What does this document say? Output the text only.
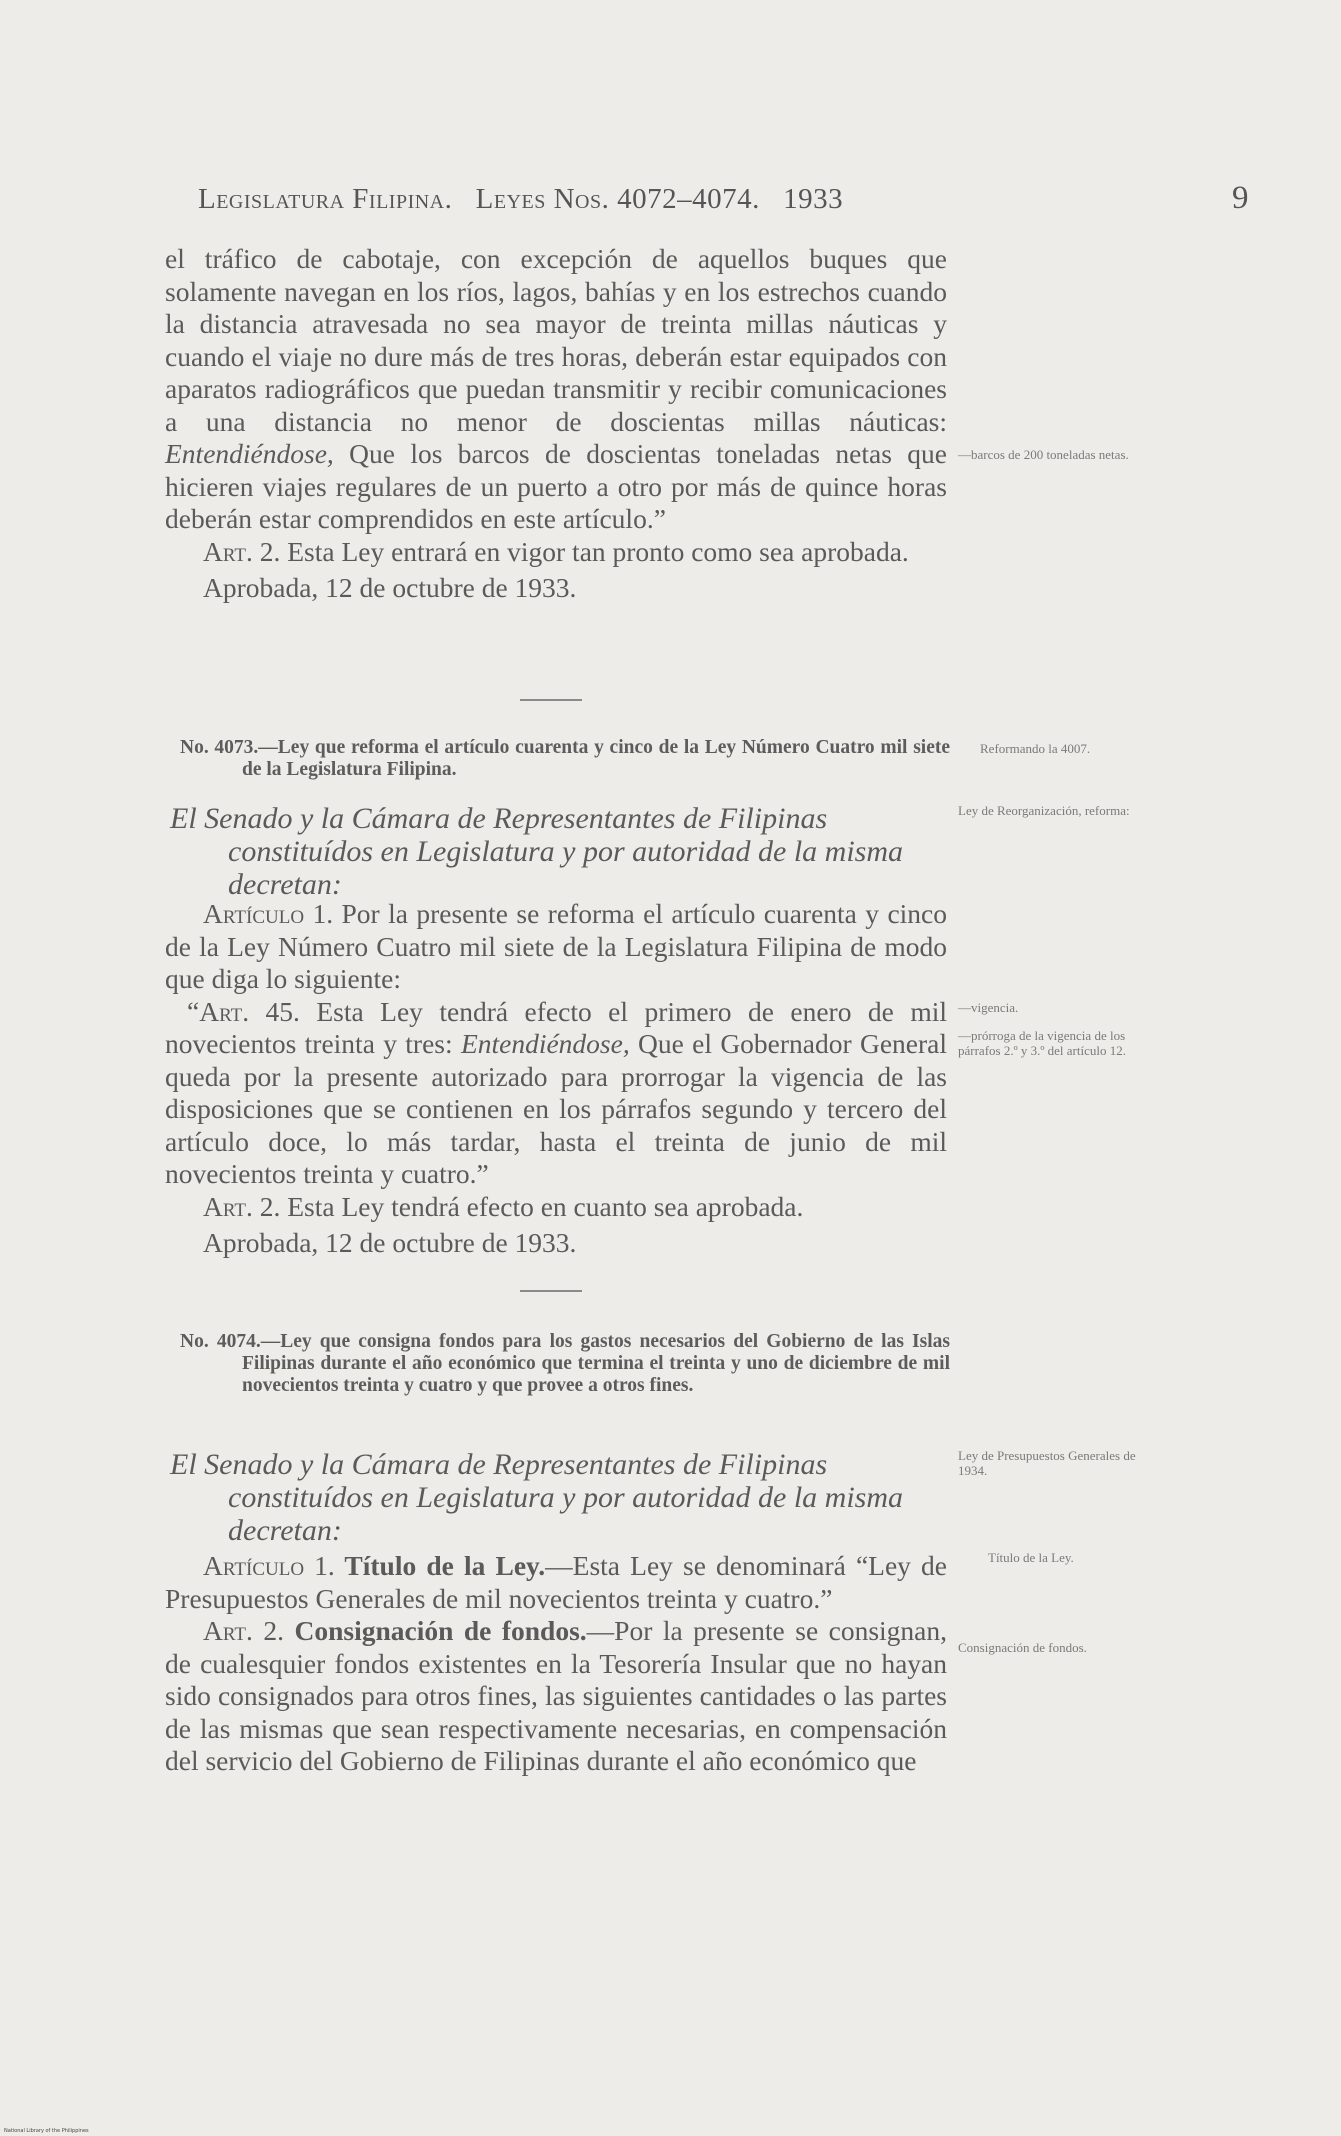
Legislatura Filipina. Leyes Nos. 4072–4074. 1933	9

el tráfico de cabotaje, con excepción de aquellos buques que solamente navegan en los ríos, lagos, bahías y en los estrechos cuando la distancia atravesada no sea mayor de treinta millas náuticas y cuando el viaje no dure más de tres horas, deberán estar equipados con aparatos radiográficos que puedan transmitir y recibir comunicaciones a una distancia no menor de doscientas millas náuticas: Entendiéndose, Que los barcos de doscientas toneladas netas que hicieren viajes regulares de un puerto a otro por más de quince horas deberán estar comprendidos en este artículo.”

Art. 2. Esta Ley entrará en vigor tan pronto como sea aprobada.

Aprobada, 12 de octubre de 1933.

No. 4073.—Ley que reforma el artículo cuarenta y cinco de la Ley Número Cuatro mil siete de la Legislatura Filipina.

El Senado y la Cámara de Representantes de Filipinas constituídos en Legislatura y por autoridad de la misma decretan:

Artículo 1. Por la presente se reforma el artículo cuarenta y cinco de la Ley Número Cuatro mil siete de la Legislatura Filipina de modo que diga lo siguiente:

“Art. 45. Esta Ley tendrá efecto el primero de enero de mil novecientos treinta y tres: Entendiéndose, Que el Gobernador General queda por la presente autorizado para prorrogar la vigencia de las disposiciones que se contienen en los párrafos segundo y tercero del artículo doce, lo más tardar, hasta el treinta de junio de mil novecientos treinta y cuatro.”

Art. 2. Esta Ley tendrá efecto en cuanto sea aprobada.

Aprobada, 12 de octubre de 1933.

No. 4074.—Ley que consigna fondos para los gastos necesarios del Gobierno de las Islas Filipinas durante el año económico que termina el treinta y uno de diciembre de mil novecientos treinta y cuatro y que provee a otros fines.

El Senado y la Cámara de Representantes de Filipinas constituídos en Legislatura y por autoridad de la misma decretan:

Artículo 1. Título de la Ley.—Esta Ley se denominará “Ley de Presupuestos Generales de mil novecientos treinta y cuatro.”

Art. 2. Consignación de fondos.—Por la presente se consignan, de cualesquier fondos existentes en la Tesorería Insular que no hayan sido consignados para otros fines, las siguientes cantidades o las partes de las mismas que sean respectivamente necesarias, en compensación del servicio del Gobierno de Filipinas durante el año económico que

—barcos de 200 toneladas netas.
Reformando la 4007.
Ley de Reorganización, reforma:
—vigencia.
—prórroga de la vigencia de los párrafos 2.º y 3.º del artículo 12.
Ley de Presupuestos Generales de 1934.
Título de la Ley.
Consignación de fondos.
National Library of the Philippines
